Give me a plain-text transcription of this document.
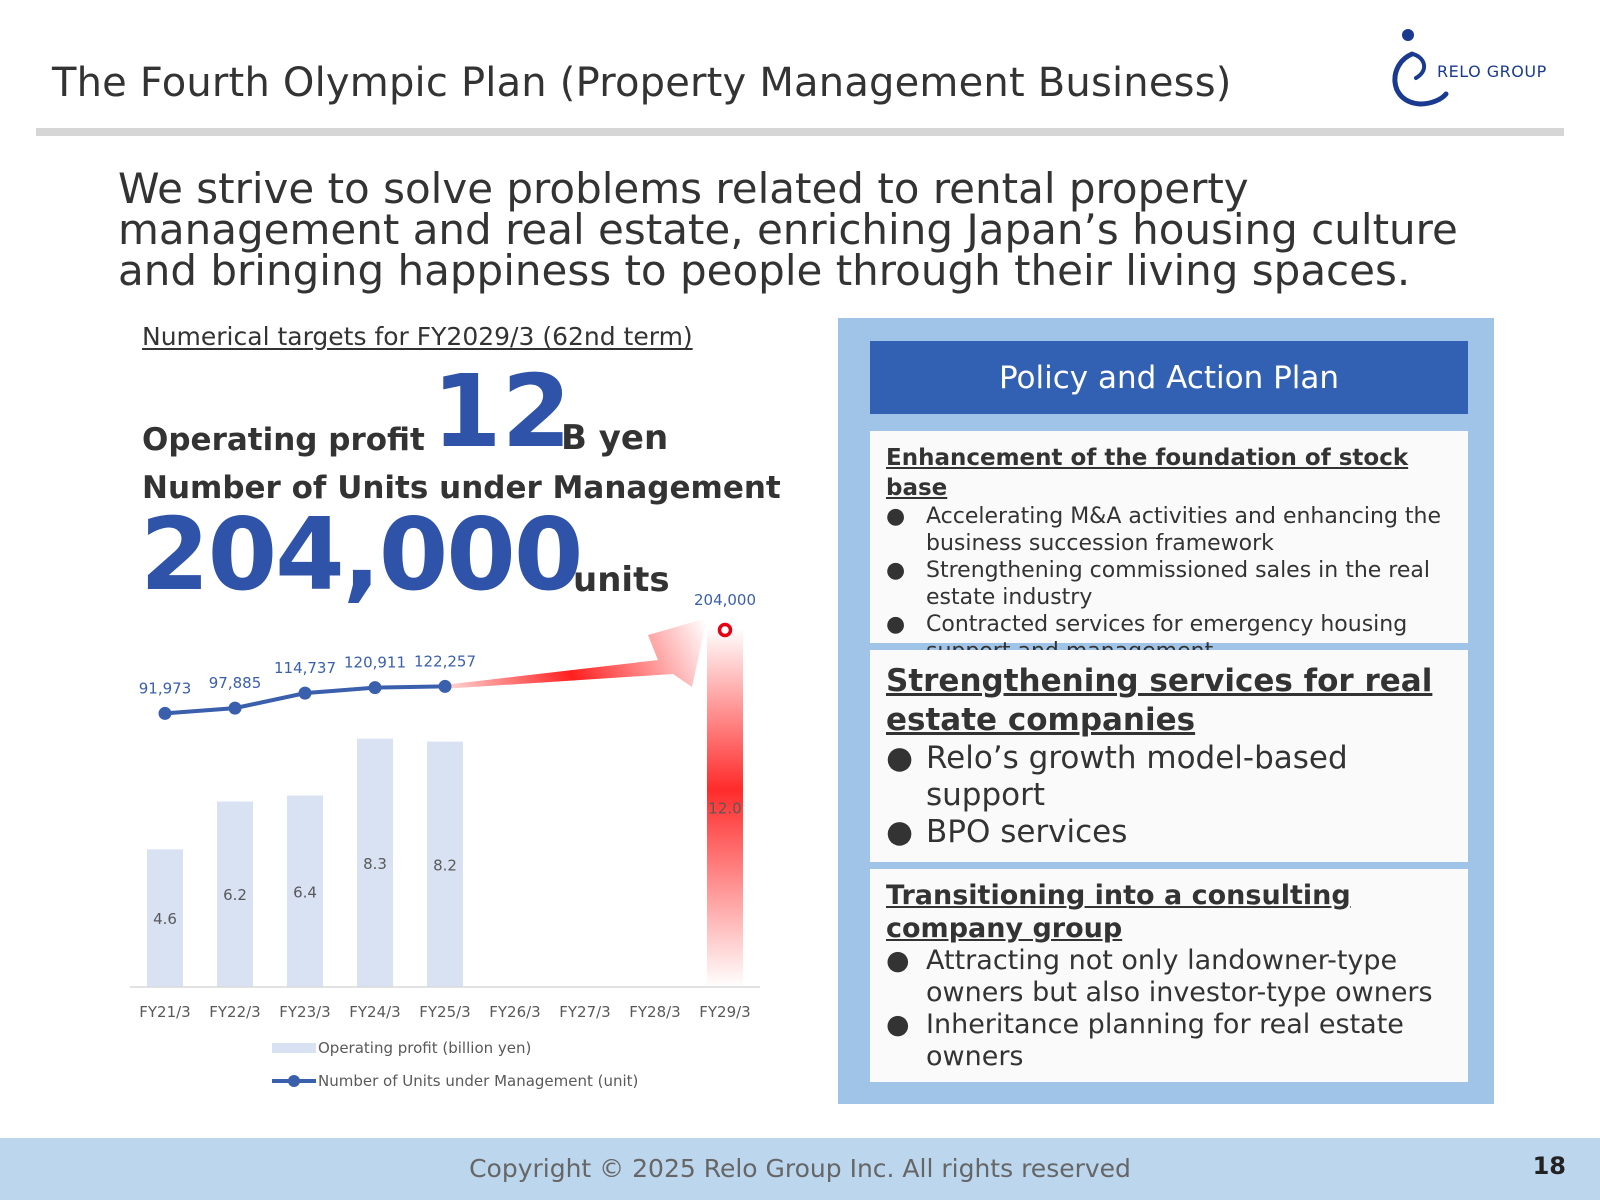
The Fourth Olympic Plan (Property Management Business)	RELO GROUP
We strive to solve problems related to rental property management and real estate, enriching Japan’s housing culture and bringing happiness to people through their living spaces.
Numerical targets for FY2029/3 (62nd term)
Operating profit 12
B yen
Number of Units under Management
204,000
units
4.6
6.2	6.4
8.3	8.2
12.0
91,973 97,885
114,737 120,911 122,257
204,000
FY21/3 FY22/3 FY23/3 FY24/3 FY25/3 FY26/3 FY27/3 FY28/3 FY29/3
Operating profit (billion yen)
Number of Units under Management (unit)
Policy and Action Plan
Enhancement of the foundation of stock base
● Accelerating M&A activities and enhancing the business succession framework
● Strengthening commissioned sales in the real estate industry
● Contracted services for emergency housing
Strengthening services for real estate companies
● Relo’s growth model-based support
● BPO services
Transitioning into a consulting company group
● Attracting not only landowner-type owners but also investor-type owners
● Inheritance planning for real estate owners
Copyright © 2025 Relo Group Inc. All rights reserved	18
